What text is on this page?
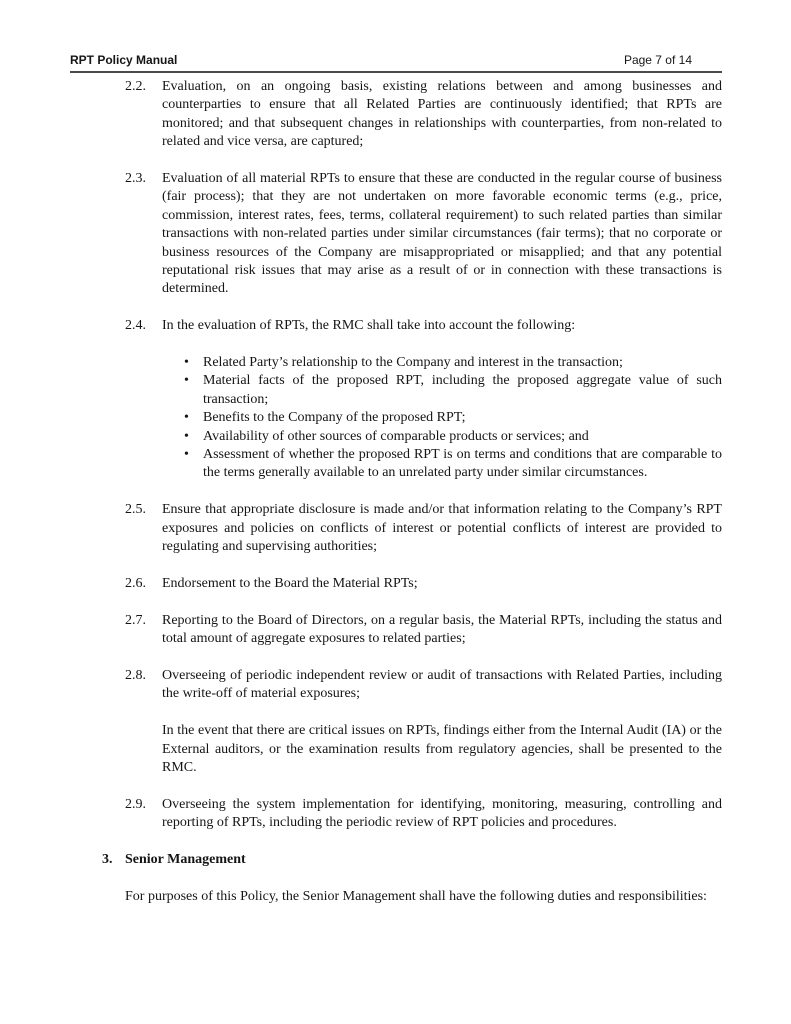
RPT Policy Manual	Page 7 of 14
2.2.	Evaluation, on an ongoing basis, existing relations between and among businesses and counterparties to ensure that all Related Parties are continuously identified; that RPTs are monitored; and that subsequent changes in relationships with counterparties, from non-related to related and vice versa, are captured;

2.3.	Evaluation of all material RPTs to ensure that these are conducted in the regular course of business (fair process); that they are not undertaken on more favorable economic terms (e.g., price, commission, interest rates, fees, terms, collateral requirement) to such related parties than similar transactions with non-related parties under similar circumstances (fair terms); that no corporate or business resources of the Company are misappropriated or misapplied; and that any potential reputational risk issues that may arise as a result of or in connection with these transactions is determined.

2.4.	In the evaluation of RPTs, the RMC shall take into account the following:

•	Related Party’s relationship to the Company and interest in the transaction;
•	Material facts of the proposed RPT, including the proposed aggregate value of such transaction;
•	Benefits to the Company of the proposed RPT;
•	Availability of other sources of comparable products or services; and
•	Assessment of whether the proposed RPT is on terms and conditions that are comparable to the terms generally available to an unrelated party under similar circumstances.
2.5.	Ensure that appropriate disclosure is made and/or that information relating to the Company’s RPT exposures and policies on conflicts of interest or potential conflicts of interest are provided to regulating and supervising authorities;

2.6.	Endorsement to the Board the Material RPTs;

2.7.	Reporting to the Board of Directors, on a regular basis, the Material RPTs, including the status and total amount of aggregate exposures to related parties;

2.8.	Overseeing of periodic independent review or audit of transactions with Related Parties, including the write-off of material exposures;

In the event that there are critical issues on RPTs, findings either from the Internal Audit (IA) or the External auditors, or the examination results from regulatory agencies, shall be presented to the RMC.

2.9.	Overseeing the system implementation for identifying, monitoring, measuring, controlling and reporting of RPTs, including the periodic review of RPT policies and procedures.

3. Senior Management

For purposes of this Policy, the Senior Management shall have the following duties and responsibilities:
